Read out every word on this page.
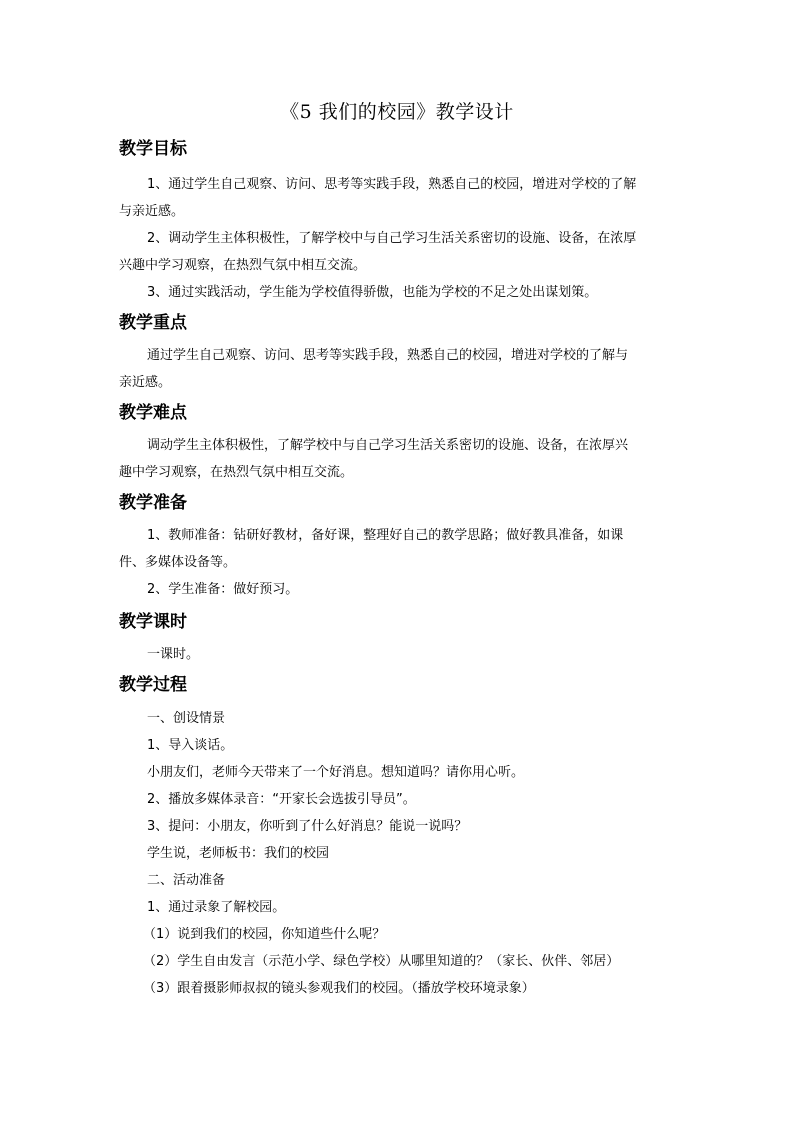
《5 我们的校园》教学设计
教学目标

1、通过学生自己观察、访问、思考等实践手段，熟悉自己的校园，增进对学校的了解

与亲近感。

2、调动学生主体积极性，了解学校中与自己学习生活关系密切的设施、设备，在浓厚

兴趣中学习观察，在热烈气氛中相互交流。

3、通过实践活动，学生能为学校值得骄傲，也能为学校的不足之处出谋划策。

教学重点

通过学生自己观察、访问、思考等实践手段，熟悉自己的校园，增进对学校的了解与

亲近感。

教学难点

调动学生主体积极性，了解学校中与自己学习生活关系密切的设施、设备，在浓厚兴

趣中学习观察，在热烈气氛中相互交流。

教学准备

1、教师准备：钻研好教材，备好课，整理好自己的教学思路；做好教具准备，如课

件、多媒体设备等。

2、学生准备：做好预习。

教学课时

一课时。

教学过程

一、创设情景

1、导入谈话。

小朋友们，老师今天带来了一个好消息。想知道吗？请你用心听。

2、播放多媒体录音：“开家长会选拔引导员”。

3、提问：小朋友，你听到了什么好消息？能说一说吗？

学生说，老师板书：我们的校园

二、活动准备

1、通过录象了解校园。

（1）说到我们的校园，你知道些什么呢？

（2）学生自由发言（示范小学、绿色学校）从哪里知道的？（家长、伙伴、邻居）

（3）跟着摄影师叔叔的镜头参观我们的校园。（播放学校环境录象）
